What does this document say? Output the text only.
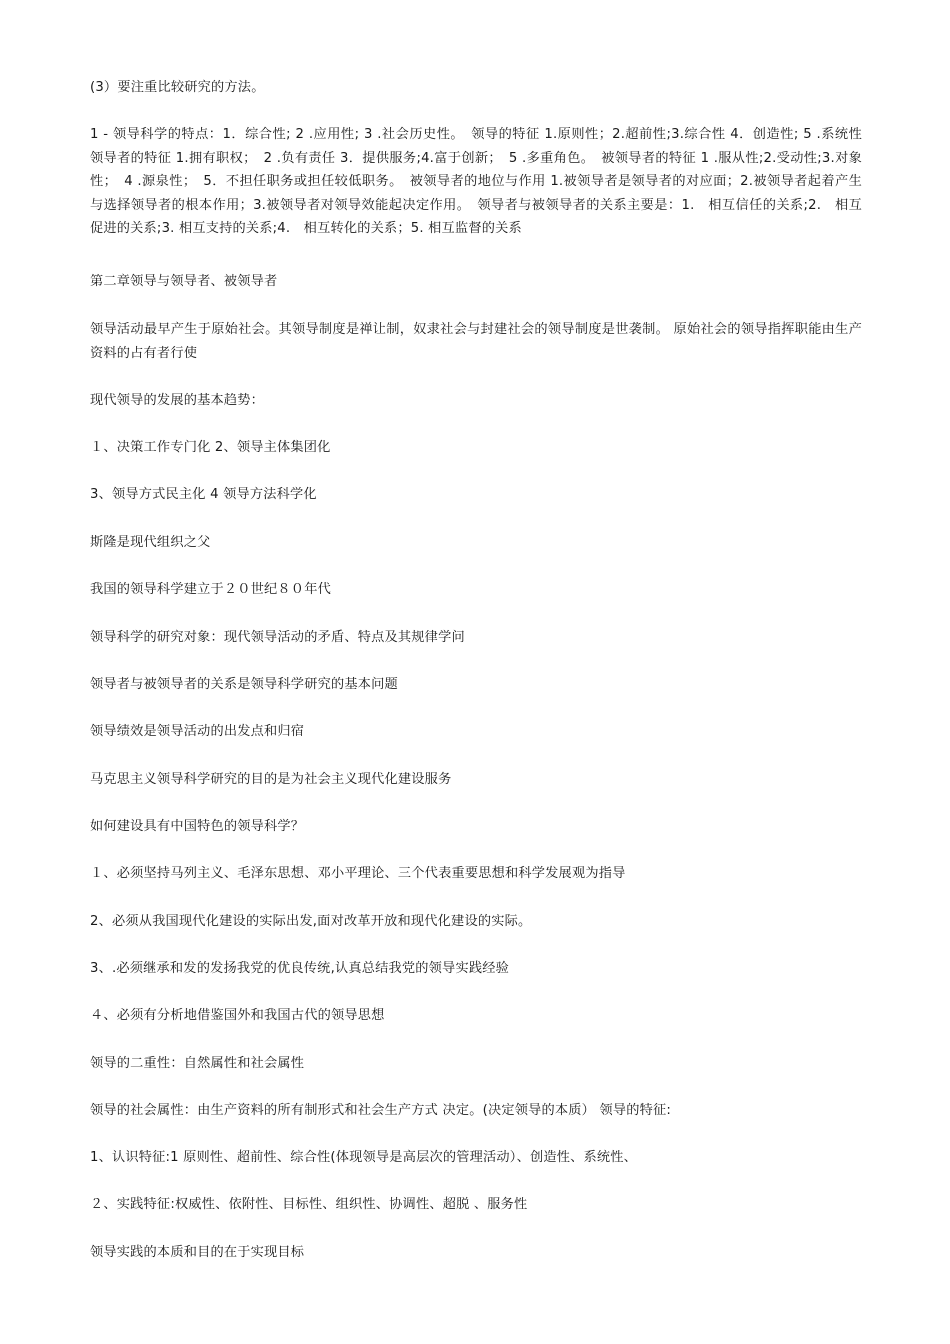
(3）要注重比较研究的方法。

1 - 领导科学的特点：1．综合性; 2 .应用性; 3 .社会历史性。　领导的特征 1.原则性；2.超前性;3.综合性 4．创造性; 5 .系统性　领导者的特征 1.拥有职权；　2 .负有责任 3．提供服务;4.富于创新；　5 .多重角色。　被领导者的特征 1 .服从性;2.受动性;3.对象性；　4 .源泉性；　5．不担任职务或担任较低职务。　被领导者的地位与作用 1.被领导者是领导者的对应面；2.被领导者起着产生与选择领导者的根本作用；3.被领导者对领导效能起决定作用。　领导者与被领导者的关系主要是：1.　相互信任的关系;2.　相互促进的关系;3. 相互支持的关系;4.　相互转化的关系；5. 相互监督的关系

第二章领导与领导者、被领导者

领导活动最早产生于原始社会。其领导制度是禅让制，奴隶社会与封建社会的领导制度是世袭制。 原始社会的领导指挥职能由生产资料的占有者行使

现代领导的发展的基本趋势：

１、决策工作专门化 2、领导主体集团化

3、领导方式民主化 4 领导方法科学化

斯隆是现代组织之父

我国的领导科学建立于２０世纪８０年代

领导科学的研究对象：现代领导活动的矛盾、特点及其规律学问

领导者与被领导者的关系是领导科学研究的基本问题

领导绩效是领导活动的出发点和归宿

马克思主义领导科学研究的目的是为社会主义现代化建设服务

如何建设具有中国特色的领导科学？

１、必须坚持马列主义、毛泽东思想、邓小平理论、三个代表重要思想和科学发展观为指导

2、必须从我国现代化建设的实际出发,面对改革开放和现代化建设的实际。

3、.必须继承和发的发扬我党的优良传统,认真总结我党的领导实践经验

４、必须有分析地借鉴国外和我国古代的领导思想

领导的二重性：自然属性和社会属性

领导的社会属性：由生产资料的所有制形式和社会生产方式 决定。(决定领导的本质） 领导的特征:

1、认识特征:1 原则性、超前性、综合性(体现领导是高层次的管理活动）、创造性、系统性、

２、实践特征:权威性、依附性、目标性、组织性、协调性、超脱 、服务性

领导实践的本质和目的在于实现目标
